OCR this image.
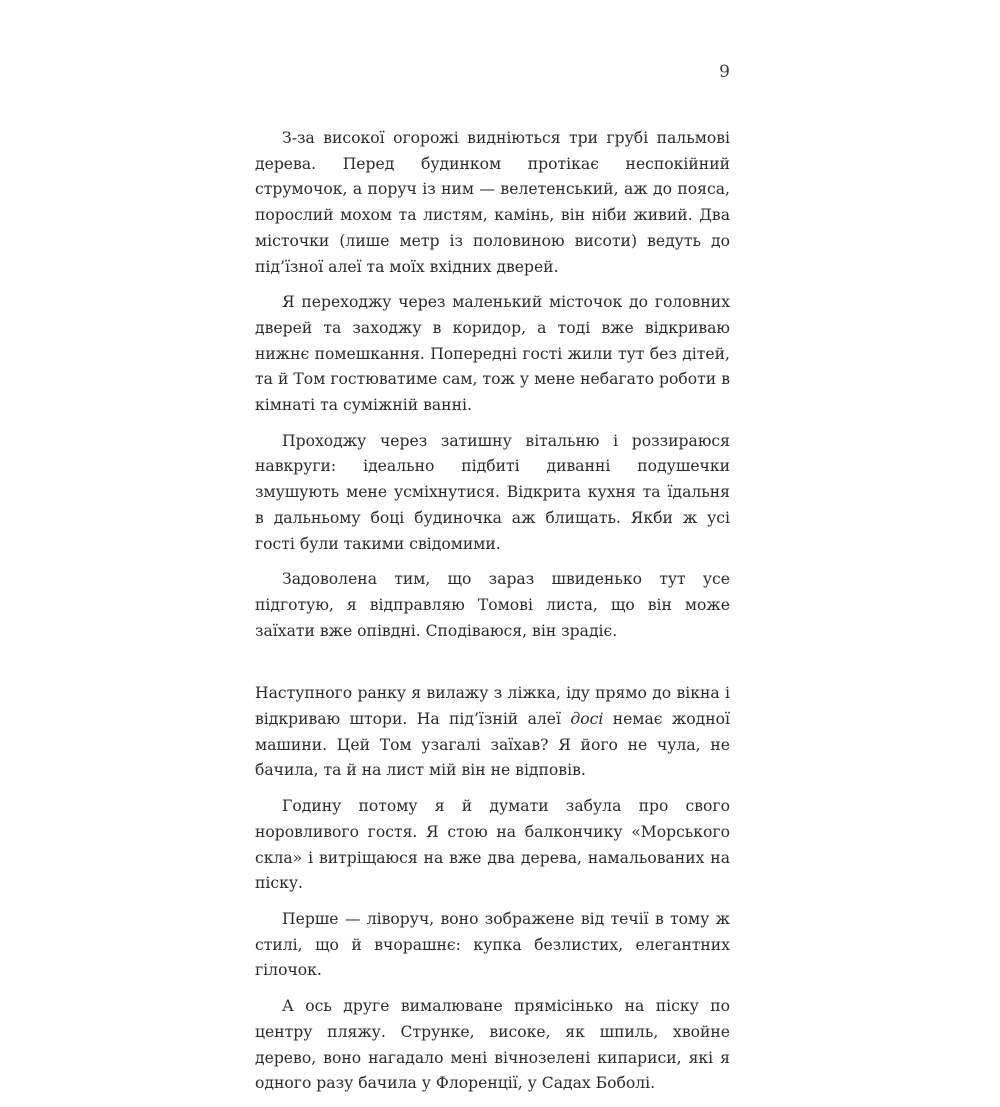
9

З-за високої огорожі видніються три грубі пальмові дерева. Перед будинком протікає неспокійний струмочок, а поруч із ним — велетенський, аж до пояса, порослий мохом та листям, камінь, він ніби живий. Два місточки (лише метр із половиною висоти) ведуть до під’їзної алеї та моїх вхідних дверей.

Я переходжу через маленький місточок до головних дверей та заходжу в коридор, а тоді вже відкриваю нижнє помешкання. Попередні гості жили тут без дітей, та й Том гостюватиме сам, тож у мене небагато роботи в кімнаті та суміжній ванні.

Проходжу через затишну вітальню і роззираюся навкруги: ідеально підбиті диванні подушечки змушують мене усміхнутися. Відкрита кухня та їдальня в дальньому боці будиночка аж блищать. Якби ж усі гості були такими свідомими.

Задоволена тим, що зараз швиденько тут усе підготую, я відправляю Томові листа, що він може заїхати вже опівдні. Сподіваюся, він зрадіє.

Наступного ранку я вилажу з ліжка, іду прямо до вікна і відкриваю штори. На під’їзній алеї досі немає жодної машини. Цей Том узагалі заїхав? Я його не чула, не бачила, та й на лист мій він не відповів.

Годину потому я й думати забула про свого норовливого гостя. Я стою на балкончику «Морського скла» і витріщаюся на вже два дерева, намальованих на піску.

Перше — ліворуч, воно зображене від течії в тому ж стилі, що й вчорашнє: купка безлистих, елегантних гілочок.

А ось друге вималюване прямісінько на піску по центру пляжу. Струнке, високе, як шпиль, хвойне дерево, воно нагадало мені вічнозелені кипариси, які я одного разу бачила у Флоренції, у Садах Боболі.
